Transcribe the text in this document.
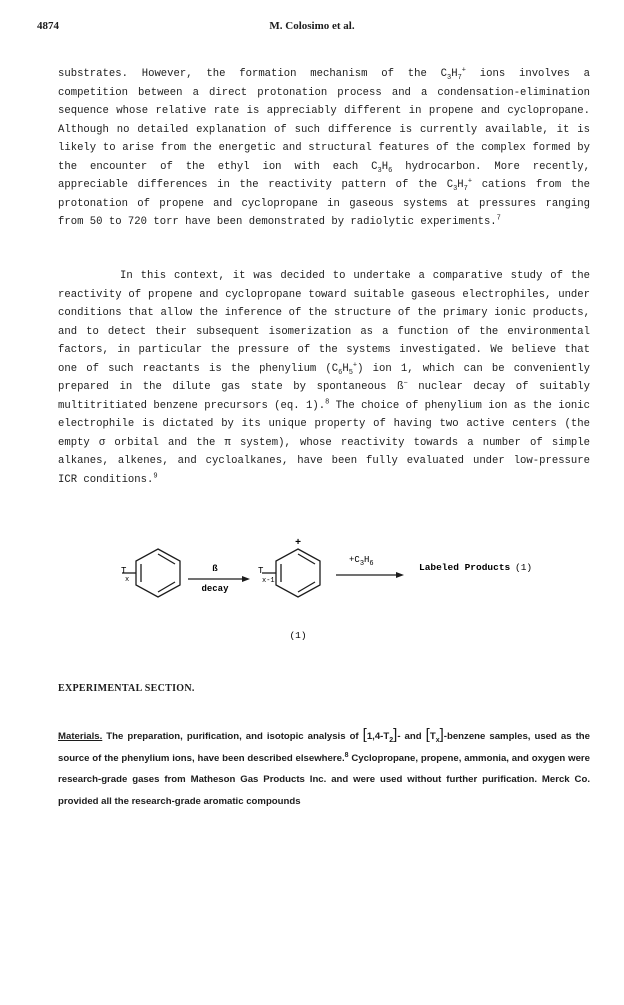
4874	M. Colosimo et al.

substrates. However, the formation mechanism of the $C_3H_7^+$ ions involves a competition between a direct protonation process and a condensation-elimination sequence whose relative rate is appreciably different in propene and cyclopropane. Although no detailed explanation of such difference is currently available, it is likely to arise from the energetic and structural features of the complex formed by the encounter of the ethyl ion with each $C_3H_6$ hydrocarbon. More recently, appreciable differences in the reactivity pattern of the $C_3H_7^+$ cations from the protonation of propene and cyclopropane in gaseous systems at pressures ranging from 50 to 720 torr have been demonstrated by radiolytic experiments.$^7$

In this context, it was decided to undertake a comparative study of the reactivity of propene and cyclopropane toward suitable gaseous electrophiles, under conditions that allow the inference of the structure of the primary ionic products, and to detect their subsequent isomerization as a function of the environmental factors, in particular the pressure of the systems investigated. We believe that one of such reactants is the phenylium $(C_6H_5^+)$ ion 1, which can be conveniently prepared in the dilute gas state by spontaneous ß− nuclear decay of suitably multitritiated benzene precursors (eq. 1).$^8$ The choice of phenylium ion as the ionic electrophile is dictated by its unique property of having two active centers (the empty σ orbital and the π system), whose reactivity towards a number of simple alkanes, alkenes, and cycloalkanes, have been fully evaluated under low-pressure ICR conditions.$^9$

T
x
ß
decay
+
T
x-1
$+C_3H_6$	Labeled Products (1)
(1)
EXPERIMENTAL SECTION.

Materials. The preparation, purification, and isotopic analysis of $[1,4-T_2]-$ and $[T_x]$-benzene samples, used as the source of the phenylium ions, have been described elsewhere.$^8$ Cyclopropane, propene, ammonia, and oxygen were research-grade gases from Matheson Gas Products Inc. and were used without further purification. Merck Co. provided all the research-grade aromatic compounds
